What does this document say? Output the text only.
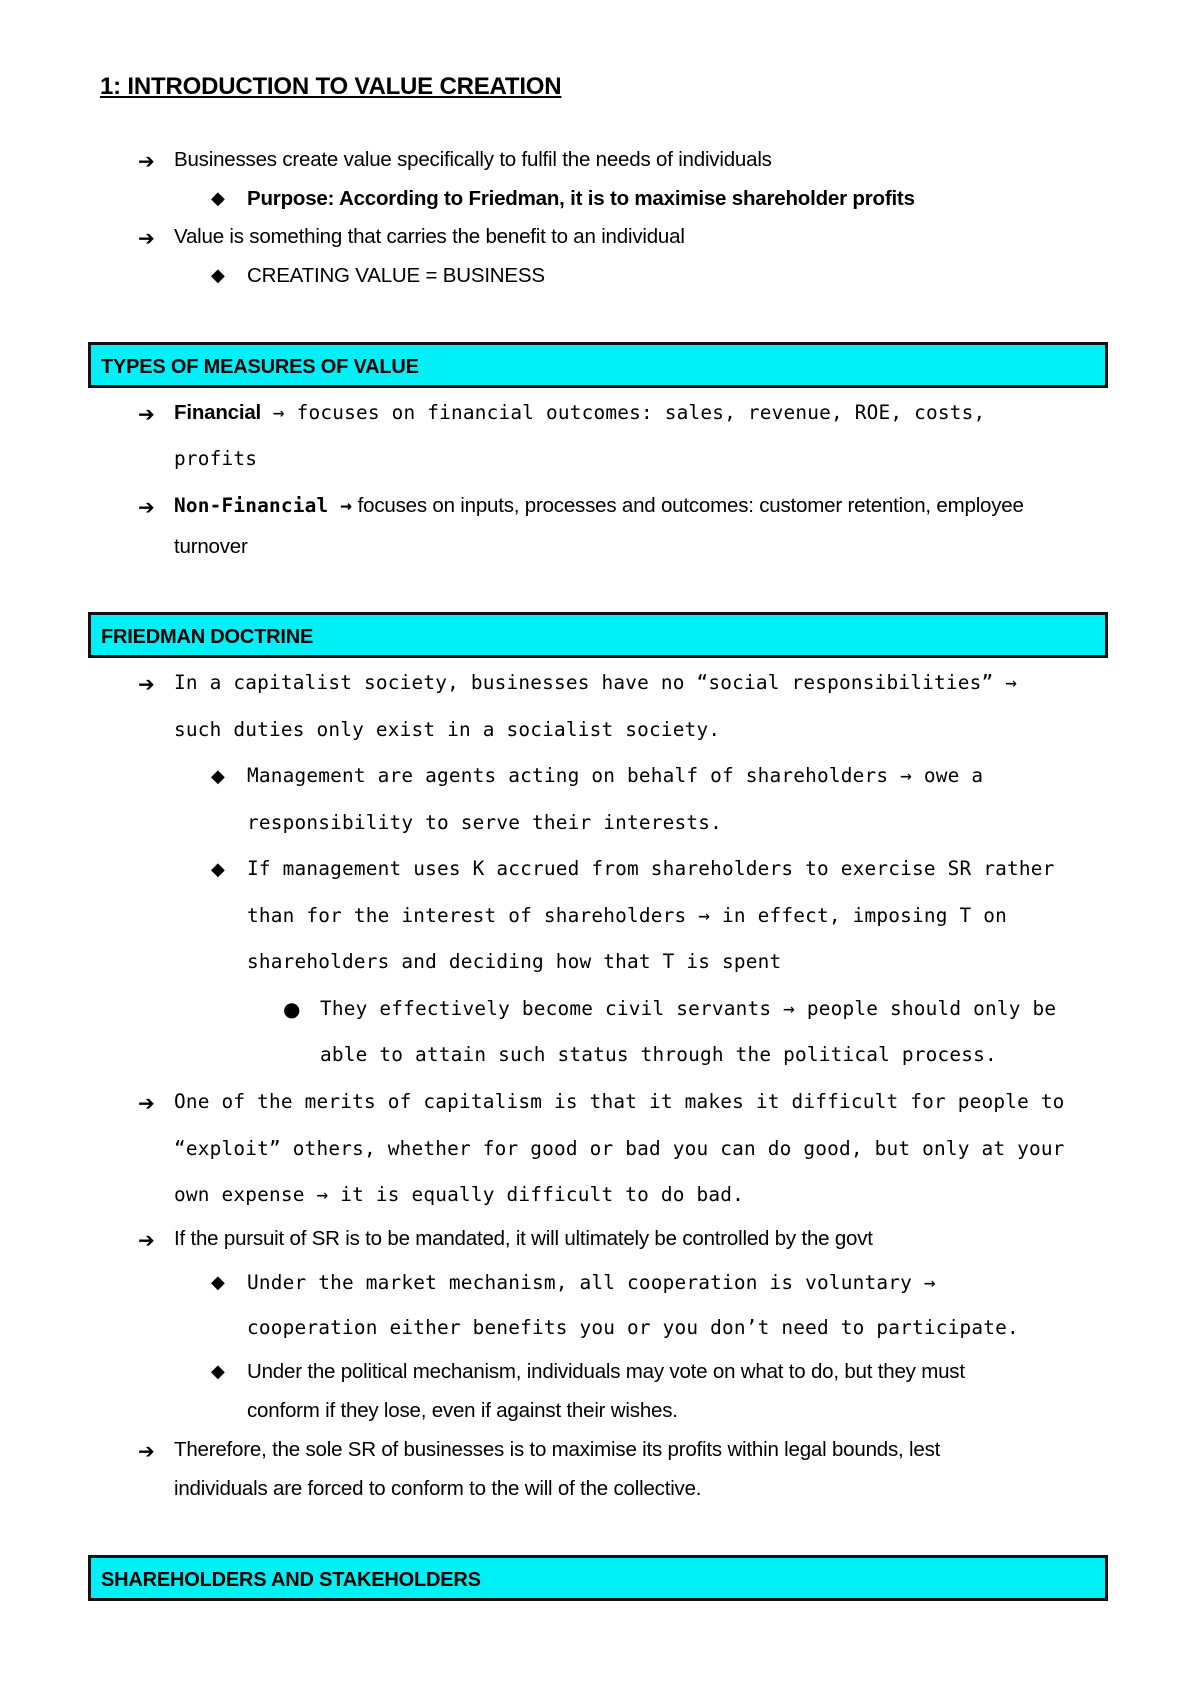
1: INTRODUCTION TO VALUE CREATION
➔ Businesses create value specifically to fulfil the needs of individuals
◆ Purpose: According to Friedman, it is to maximise shareholder profits
➔ Value is something that carries the benefit to an individual
◆ CREATING VALUE = BUSINESS
TYPES OF MEASURES OF VALUE
➔ Financial → focuses on financial outcomes: sales, revenue, ROE, costs,
profits
➔ Non-Financial → focuses on inputs, processes and outcomes: customer retention, employee
turnover
FRIEDMAN DOCTRINE
➔ In a capitalist society, businesses have no “social responsibilities” →
such duties only exist in a socialist society.
◆ Management are agents acting on behalf of shareholders → owe a
responsibility to serve their interests.
◆ If management uses K accrued from shareholders to exercise SR rather
than for the interest of shareholders → in effect, imposing T on
shareholders and deciding how that T is spent
● They effectively become civil servants → people should only be
able to attain such status through the political process.
➔ One of the merits of capitalism is that it makes it difficult for people to
“exploit” others, whether for good or bad you can do good, but only at your
own expense → it is equally difficult to do bad.
➔ If the pursuit of SR is to be mandated, it will ultimately be controlled by the govt
◆ Under the market mechanism, all cooperation is voluntary →
cooperation either benefits you or you don’t need to participate.
◆ Under the political mechanism, individuals may vote on what to do, but they must
conform if they lose, even if against their wishes.
➔ Therefore, the sole SR of businesses is to maximise its profits within legal bounds, lest
individuals are forced to conform to the will of the collective.
SHAREHOLDERS AND STAKEHOLDERS
